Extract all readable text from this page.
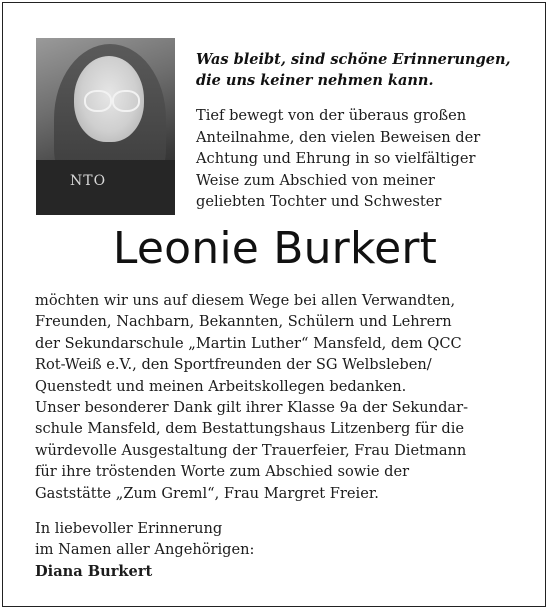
NTO
Was bleibt, sind schöne Erinnerungen,
die uns keiner nehmen kann.
Tief bewegt von der überaus großen
Anteilnahme, den vielen Beweisen der
Achtung und Ehrung in so vielfältiger
Weise zum Abschied von meiner
geliebten Tochter und Schwester
Leonie Burkert
möchten wir uns auf diesem Wege bei allen Verwandten,
Freunden, Nachbarn, Bekannten, Schülern und Lehrern
der Sekundarschule „Martin Luther“ Mansfeld, dem QCC
Rot-Weiß e.V., den Sportfreunden der SG Welbsleben/
Quenstedt und meinen Arbeitskollegen bedanken.
Unser besonderer Dank gilt ihrer Klasse 9a der Sekundar-
schule Mansfeld, dem Bestattungshaus Litzenberg für die
würdevolle Ausgestaltung der Trauerfeier, Frau Dietmann
für ihre tröstenden Worte zum Abschied sowie der
Gaststätte „Zum Greml“, Frau Margret Freier.
In liebevoller Erinnerung
im Namen aller Angehörigen:
Diana Burkert
